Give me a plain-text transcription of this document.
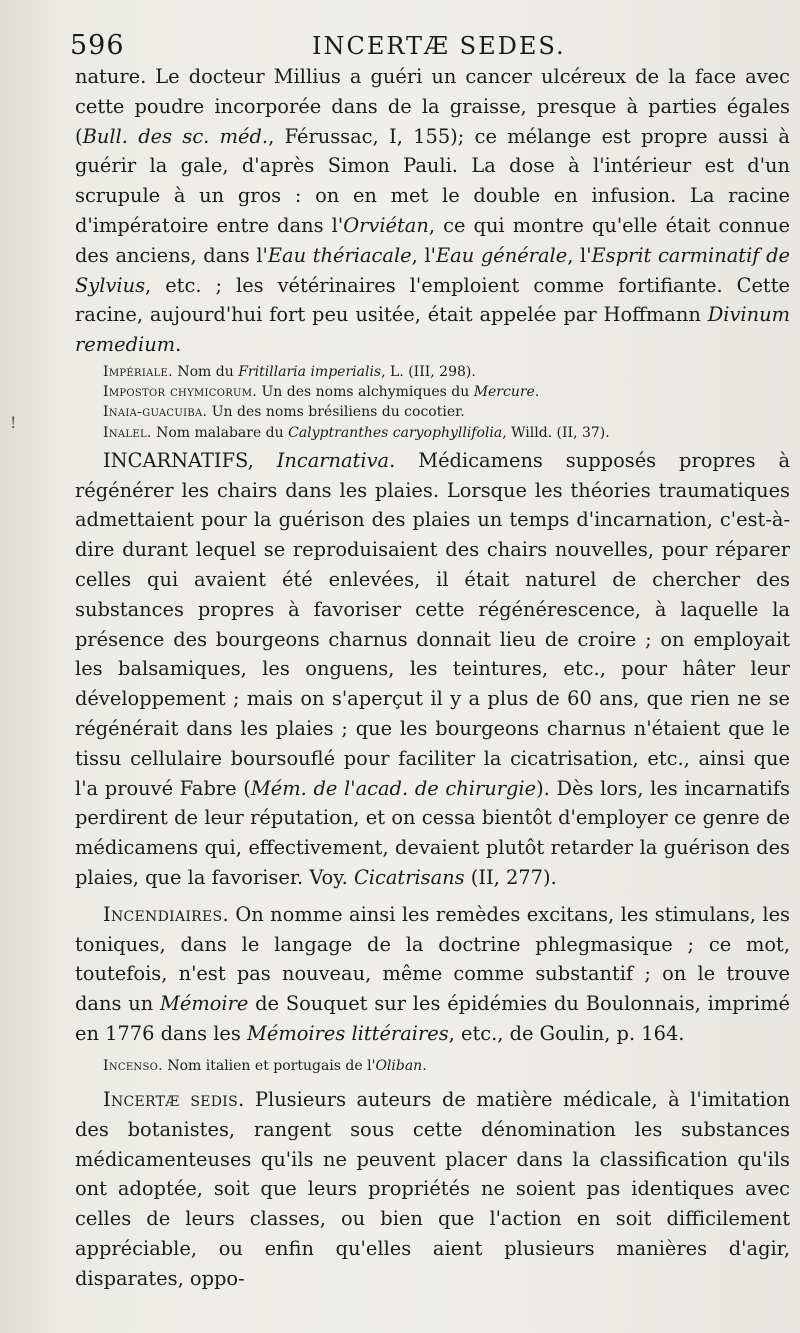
596	INCERTÆ SEDES.
!

nature. Le docteur Millius a guéri un cancer ulcéreux de la face avec cette poudre incorporée dans de la graisse, presque à parties égales (Bull. des sc. méd., Férussac, I, 155); ce mélange est propre aussi à guérir la gale, d'après Simon Pauli. La dose à l'intérieur est d'un scrupule à un gros : on en met le double en infusion. La racine d'impératoire entre dans l'Orviétan, ce qui montre qu'elle était connue des anciens, dans l'Eau thériacale, l'Eau générale, l'Esprit carminatif de Sylvius, etc. ; les vétérinaires l'emploient comme fortifiante. Cette racine, aujourd'hui fort peu usitée, était appelée par Hoffmann Divinum remedium.

Impériale. Nom du Fritillaria imperialis, L. (III, 298).

Impostor chymicorum. Un des noms alchymiques du Mercure.

Inaia-guacuiba. Un des noms brésiliens du cocotier.

Inalel. Nom malabare du Calyptranthes caryophyllifolia, Willd. (II, 37).

INCARNATIFS, Incarnativa. Médicamens supposés propres à régénérer les chairs dans les plaies. Lorsque les théories traumatiques admettaient pour la guérison des plaies un temps d'incarnation, c'est-à-dire durant lequel se reproduisaient des chairs nouvelles, pour réparer celles qui avaient été enlevées, il était naturel de chercher des substances propres à favoriser cette régénérescence, à laquelle la présence des bourgeons charnus donnait lieu de croire ; on employait les balsamiques, les onguens, les teintures, etc., pour hâter leur développement ; mais on s'aperçut il y a plus de 60 ans, que rien ne se régénérait dans les plaies ; que les bourgeons charnus n'étaient que le tissu cellulaire boursouflé pour faciliter la cicatrisation, etc., ainsi que l'a prouvé Fabre (Mém. de l'acad. de chirurgie). Dès lors, les incarnatifs perdirent de leur réputation, et on cessa bientôt d'employer ce genre de médicamens qui, effectivement, devaient plutôt retarder la guérison des plaies, que la favoriser. Voy. Cicatrisans (II, 277).

Incendiaires. On nomme ainsi les remèdes excitans, les stimulans, les toniques, dans le langage de la doctrine phlegmasique ; ce mot, toutefois, n'est pas nouveau, même comme substantif ; on le trouve dans un Mémoire de Souquet sur les épidémies du Boulonnais, imprimé en 1776 dans les Mémoires littéraires, etc., de Goulin, p. 164.

Incenso. Nom italien et portugais de l'Oliban.

Incertæ sedis. Plusieurs auteurs de matière médicale, à l'imitation des botanistes, rangent sous cette dénomination les substances médicamenteuses qu'ils ne peuvent placer dans la classification qu'ils ont adoptée, soit que leurs propriétés ne soient pas identiques avec celles de leurs classes, ou bien que l'action en soit difficilement appréciable, ou enfin qu'elles aient plusieurs manières d'agir, disparates, oppo-
